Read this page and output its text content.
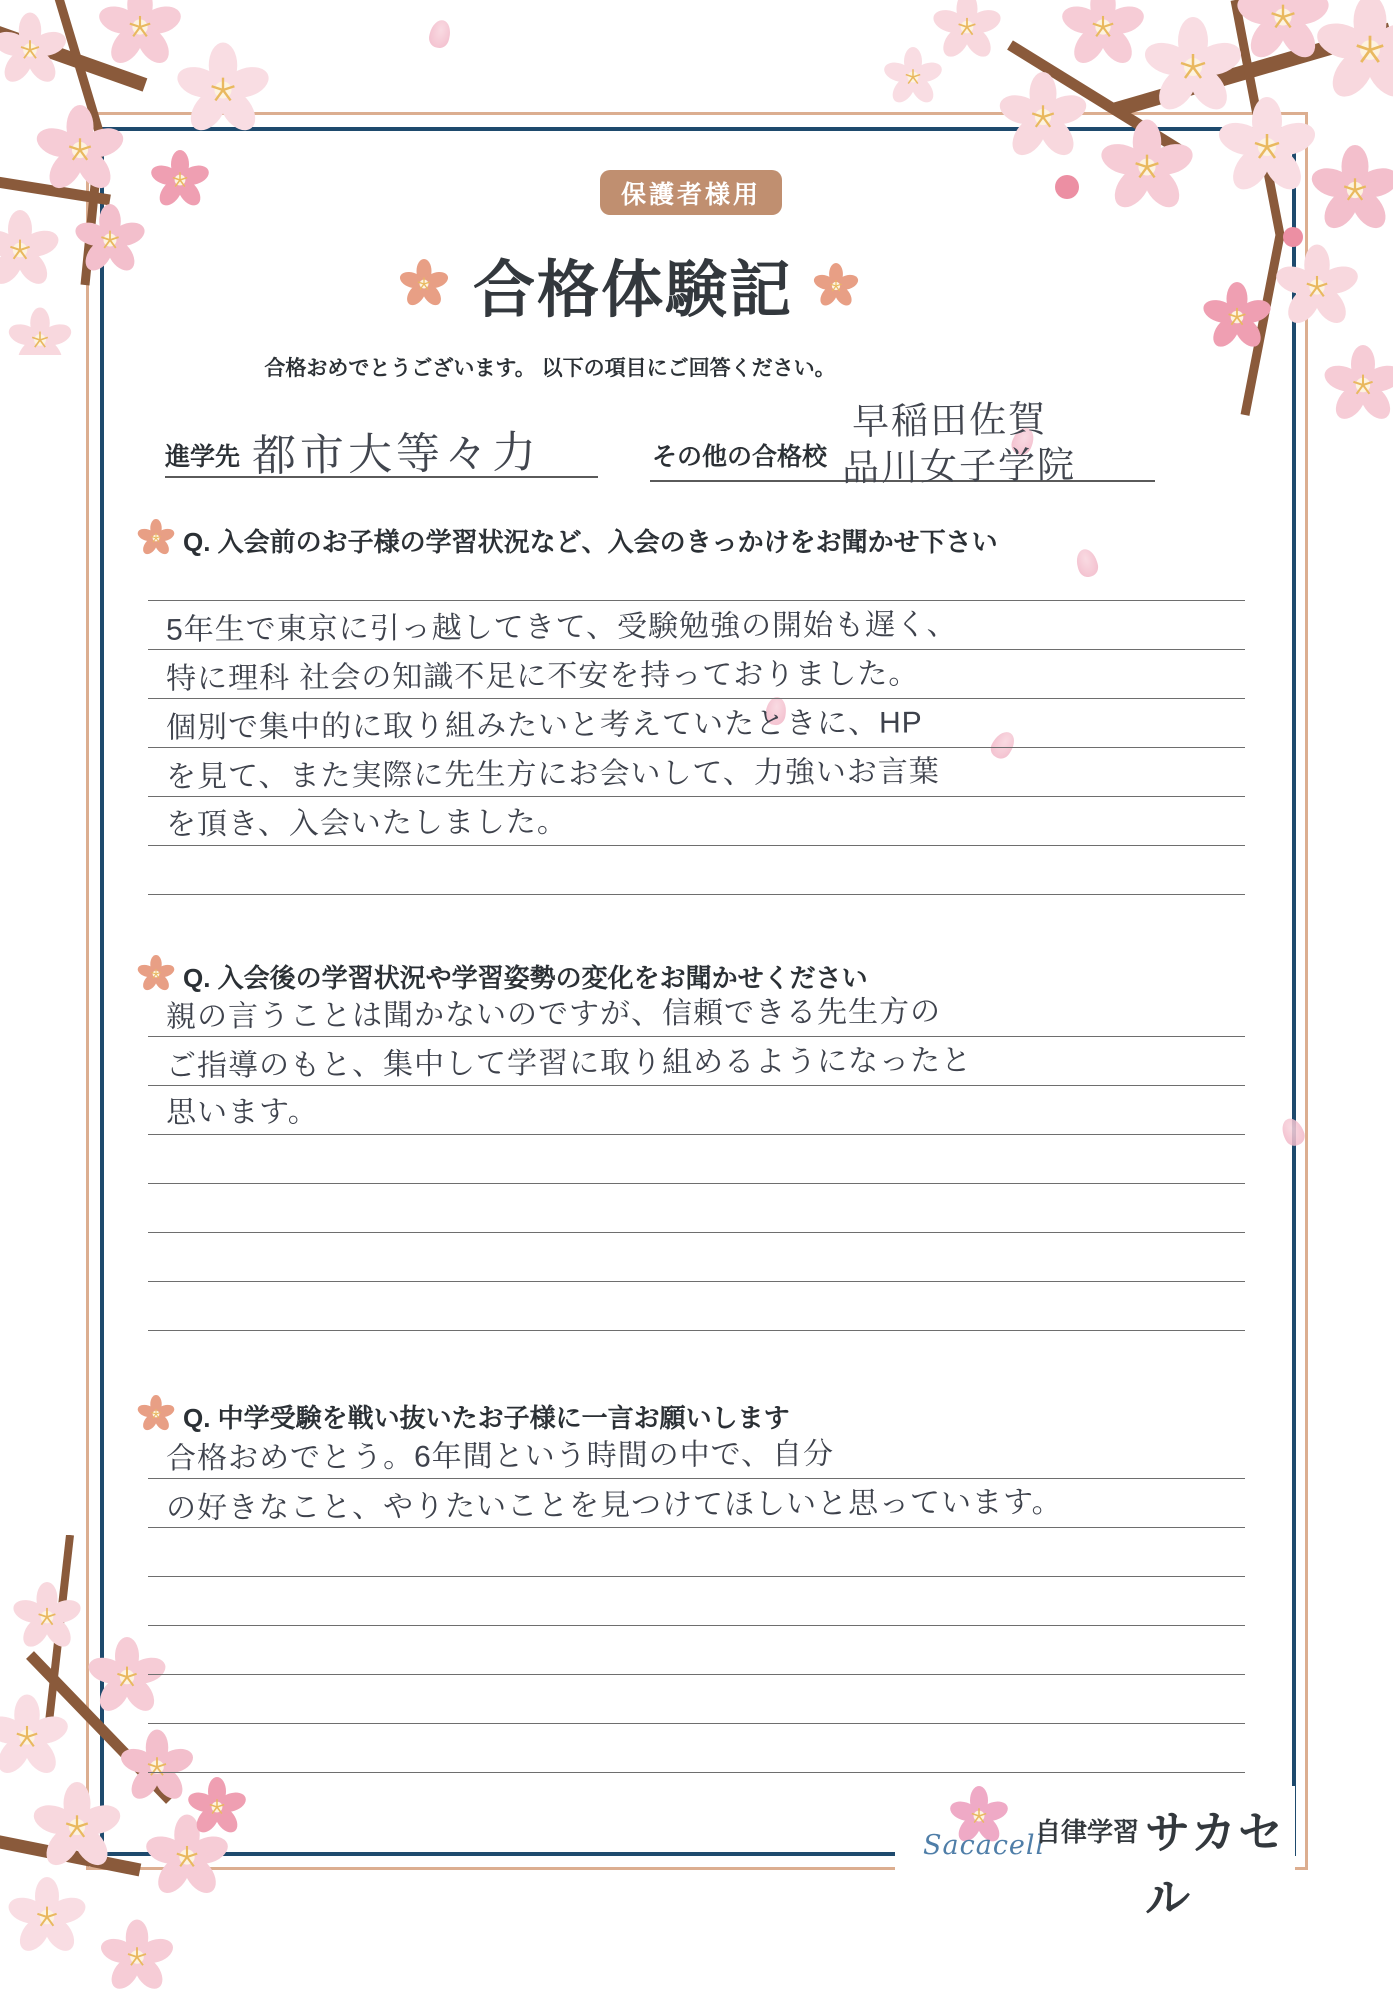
保護者様用
合格体験記
合格おめでとうございます。 以下の項目にご回答ください。
進学先 都市大等々力	その他の合格校
早稲田佐賀
品川女子学院
Q. 入会前のお子様の学習状況など、入会のきっかけをお聞かせ下さい
5年生で東京に引っ越してきて、受験勉強の開始も遅く、
特に理科 社会の知識不足に不安を持っておりました。
個別で集中的に取り組みたいと考えていたときに、HP
を見て、また実際に先生方にお会いして、力強いお言葉
を頂き、入会いたしました。
Q. 入会後の学習状況や学習姿勢の変化をお聞かせください
親の言うことは聞かないのですが、信頼できる先生方の
ご指導のもと、集中して学習に取り組めるようになったと
思います。
Q. 中学受験を戦い抜いたお子様に一言お願いします
合格おめでとう。6年間という時間の中で、自分
の好きなこと、やりたいことを見つけてほしいと思っています。
Sacacell
自律学習 サカセル
